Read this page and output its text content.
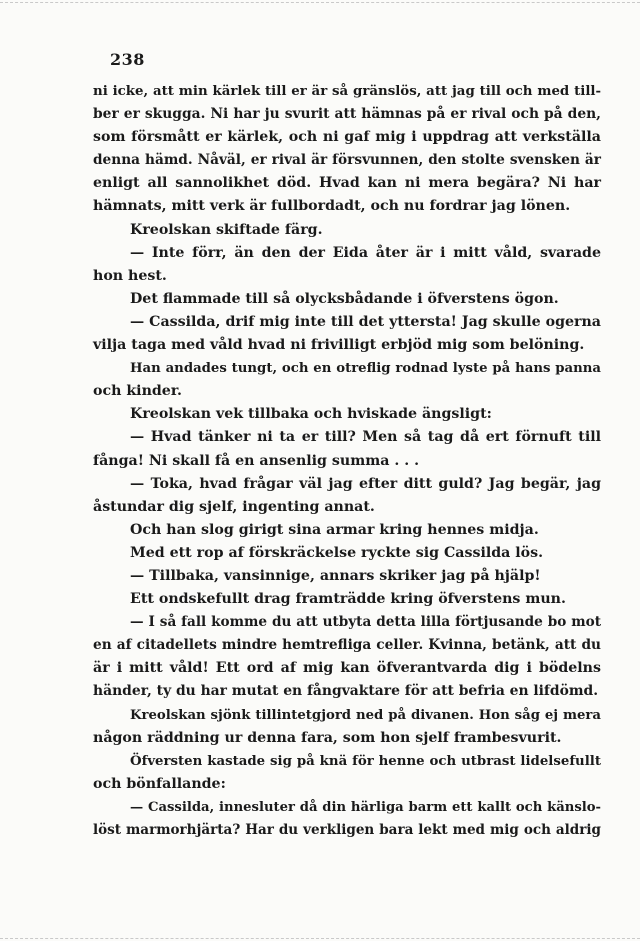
238
ni icke, att min kärlek till er är så gränslös, att jag till och med till-
ber er skugga. Ni har ju svurit att hämnas på er rival och på den,
som försmått er kärlek, och ni gaf mig i uppdrag att verkställa
denna hämd. Nåväl, er rival är försvunnen, den stolte svensken är
enligt all sannolikhet död. Hvad kan ni mera begära? Ni har
hämnats, mitt verk är fullbordadt, och nu fordrar jag lönen.
Kreolskan skiftade färg.
— Inte förr, än den der Eida åter är i mitt våld, svarade
hon hest.
Det flammade till så olycksbådande i öfverstens ögon.
— Cassilda, drif mig inte till det yttersta! Jag skulle ogerna
vilja taga med våld hvad ni frivilligt erbjöd mig som belöning.
Han andades tungt, och en otreflig rodnad lyste på hans panna
och kinder.
Kreolskan vek tillbaka och hviskade ängsligt:
— Hvad tänker ni ta er till? Men så tag då ert förnuft till
fånga! Ni skall få en ansenlig summa . . .
— Toka, hvad frågar väl jag efter ditt guld? Jag begär, jag
åstundar dig sjelf, ingenting annat.
Och han slog girigt sina armar kring hennes midja.
Med ett rop af förskräckelse ryckte sig Cassilda lös.
— Tillbaka, vansinnige, annars skriker jag på hjälp!
Ett ondskefullt drag framträdde kring öfverstens mun.
— I så fall komme du att utbyta detta lilla förtjusande bo mot
en af citadellets mindre hemtrefliga celler. Kvinna, betänk, att du
är i mitt våld! Ett ord af mig kan öfverantvarda dig i bödelns
händer, ty du har mutat en fångvaktare för att befria en lifdömd.
Kreolskan sjönk tillintetgjord ned på divanen. Hon såg ej mera
någon räddning ur denna fara, som hon sjelf frambesvurit.
Öfversten kastade sig på knä för henne och utbrast lidelsefullt
och bönfallande:
— Cassilda, innesluter då din härliga barm ett kallt och känslo-
löst marmorhjärta? Har du verkligen bara lekt med mig och aldrig
